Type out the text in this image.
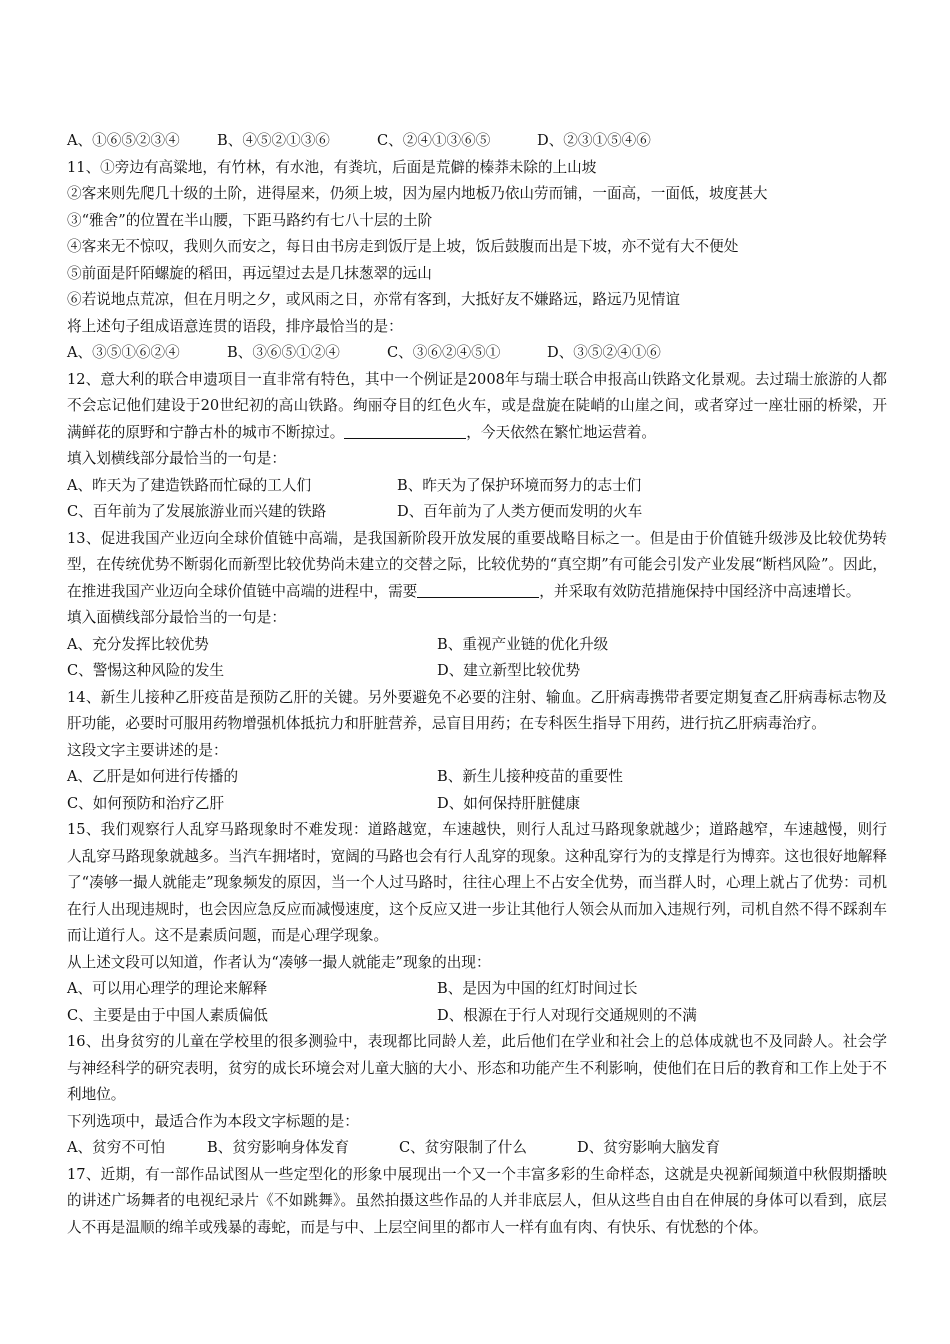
A、①⑥⑤②③④	B、④⑤②①③⑥	C、②④①③⑥⑤	D、②③①⑤④⑥
11、①旁边有高粱地，有竹林，有水池，有粪坑，后面是荒僻的榛莽未除的上山坡
②客来则先爬几十级的土阶，进得屋来，仍须上坡，因为屋内地板乃依山劳而铺，一面高，一面低，坡度甚大
③“雅舍”的位置在半山腰，下距马路约有七八十层的土阶
④客来无不惊叹，我则久而安之，每日由书房走到饭厅是上坡，饭后鼓腹而出是下坡，亦不觉有大不便处
⑤前面是阡陌螺旋的稻田，再远望过去是几抹葱翠的远山
⑥若说地点荒凉，但在月明之夕，或风雨之日，亦常有客到，大抵好友不嫌路远，路远乃见情谊
将上述句子组成语意连贯的语段，排序最恰当的是：
A、③⑤①⑥②④	B、③⑥⑤①②④	C、③⑥②④⑤①	D、③⑤②④①⑥
12、意大利的联合申遗项目一直非常有特色，其中一个例证是2008年与瑞士联合申报高山铁路文化景观。去过瑞士旅游的人都不会忘记他们建设于20世纪初的高山铁路。绚丽夺目的红色火车，或是盘旋在陡峭的山崖之间，或者穿过一座壮丽的桥梁，开满鲜花的原野和宁静古朴的城市不断掠过。	，今天依然在繁忙地运营着。
填入划横线部分最恰当的一句是：
A、昨天为了建造铁路而忙碌的工人们	B、昨天为了保护环境而努力的志士们
C、百年前为了发展旅游业而兴建的铁路	D、百年前为了人类方便而发明的火车
13、促进我国产业迈向全球价值链中高端，是我国新阶段开放发展的重要战略目标之一。但是由于价值链升级涉及比较优势转型，在传统优势不断弱化而新型比较优势尚未建立的交替之际，比较优势的“真空期”有可能会引发产业发展“断档风险”。因此，在推进我国产业迈向全球价值链中高端的进程中，需要	，并采取有效防范措施保持中国经济中高速增长。
填入面横线部分最恰当的一句是：
A、充分发挥比较优势	B、重视产业链的优化升级
C、警惕这种风险的发生	D、建立新型比较优势
14、新生儿接种乙肝疫苗是预防乙肝的关键。另外要避免不必要的注射、输血。乙肝病毒携带者要定期复查乙肝病毒标志物及肝功能，必要时可服用药物增强机体抵抗力和肝脏营养，忌盲目用药；在专科医生指导下用药，进行抗乙肝病毒治疗。
这段文字主要讲述的是：
A、乙肝是如何进行传播的	B、新生儿接种疫苗的重要性
C、如何预防和治疗乙肝	D、如何保持肝脏健康
15、我们观察行人乱穿马路现象时不难发现：道路越宽，车速越快，则行人乱过马路现象就越少；道路越窄，车速越慢，则行人乱穿马路现象就越多。当汽车拥堵时，宽阔的马路也会有行人乱穿的现象。这种乱穿行为的支撑是行为博弈。这也很好地解释了“凑够一撮人就能走”现象频发的原因，当一个人过马路时，往往心理上不占安全优势，而当群人时，心理上就占了优势：司机在行人出现违规时，也会因应急反应而减慢速度，这个反应又进一步让其他行人领会从而加入违规行列，司机自然不得不踩刹车而让道行人。这不是素质问题，而是心理学现象。
从上述文段可以知道，作者认为“凑够一撮人就能走”现象的出现：
A、可以用心理学的理论来解释	B、是因为中国的红灯时间过长
C、主要是由于中国人素质偏低	D、根源在于行人对现行交通规则的不满
16、出身贫穷的儿童在学校里的很多测验中，表现都比同龄人差，此后他们在学业和社会上的总体成就也不及同龄人。社会学与神经科学的研究表明，贫穷的成长环境会对儿童大脑的大小、形态和功能产生不利影响，使他们在日后的教育和工作上处于不利地位。
下列选项中，最适合作为本段文字标题的是：
A、贫穷不可怕	B、贫穷影响身体发育	C、贫穷限制了什么	D、贫穷影响大脑发育
17、近期，有一部作品试图从一些定型化的形象中展现出一个又一个丰富多彩的生命样态，这就是央视新闻频道中秋假期播映的讲述广场舞者的电视纪录片《不如跳舞》。虽然拍摄这些作品的人并非底层人，但从这些自由自在伸展的身体可以看到，底层人不再是温顺的绵羊或残暴的毒蛇，而是与中、上层空间里的都市人一样有血有肉、有快乐、有忧愁的个体。
